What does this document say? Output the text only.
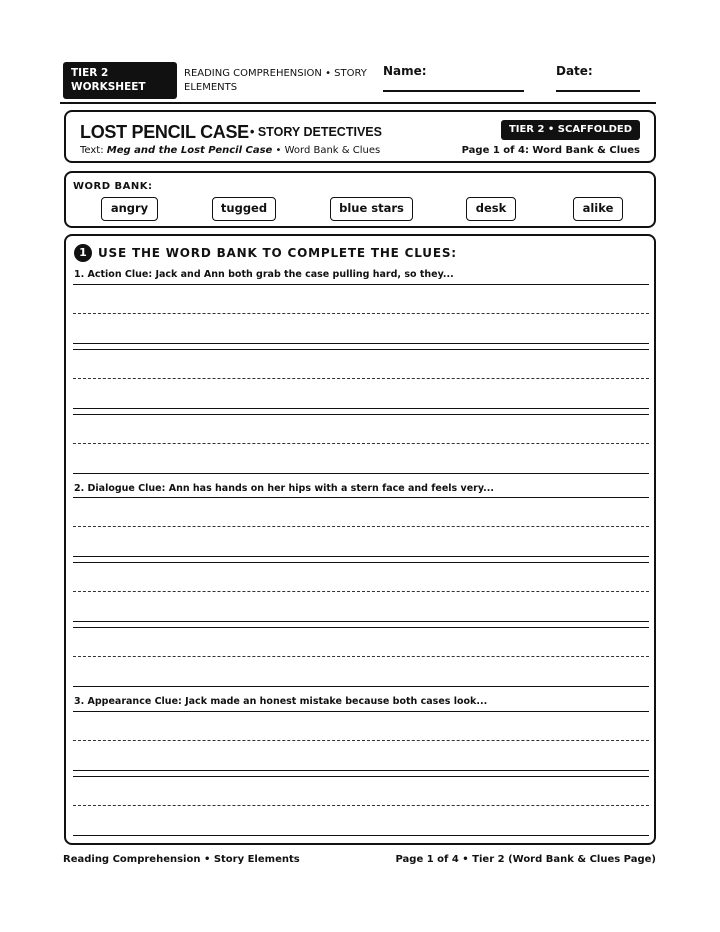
TIER 2
WORKSHEET
READING COMPREHENSION • STORY
ELEMENTS
Name:	Date:
LOST PENCIL CASE • STORY DETECTIVES
Text: Meg and the Lost Pencil Case • Word Bank & Clues
TIER 2 • SCAFFOLDED
Page 1 of 4: Word Bank & Clues
WORD BANK:
angry	tugged	blue stars	desk	alike
1 USE THE WORD BANK TO COMPLETE THE CLUES:
1. Action Clue: Jack and Ann both grab the case pulling hard, so they...
2. Dialogue Clue: Ann has hands on her hips with a stern face and feels very...
3. Appearance Clue: Jack made an honest mistake because both cases look...
Reading Comprehension • Story Elements	Page 1 of 4 • Tier 2 (Word Bank & Clues Page)
